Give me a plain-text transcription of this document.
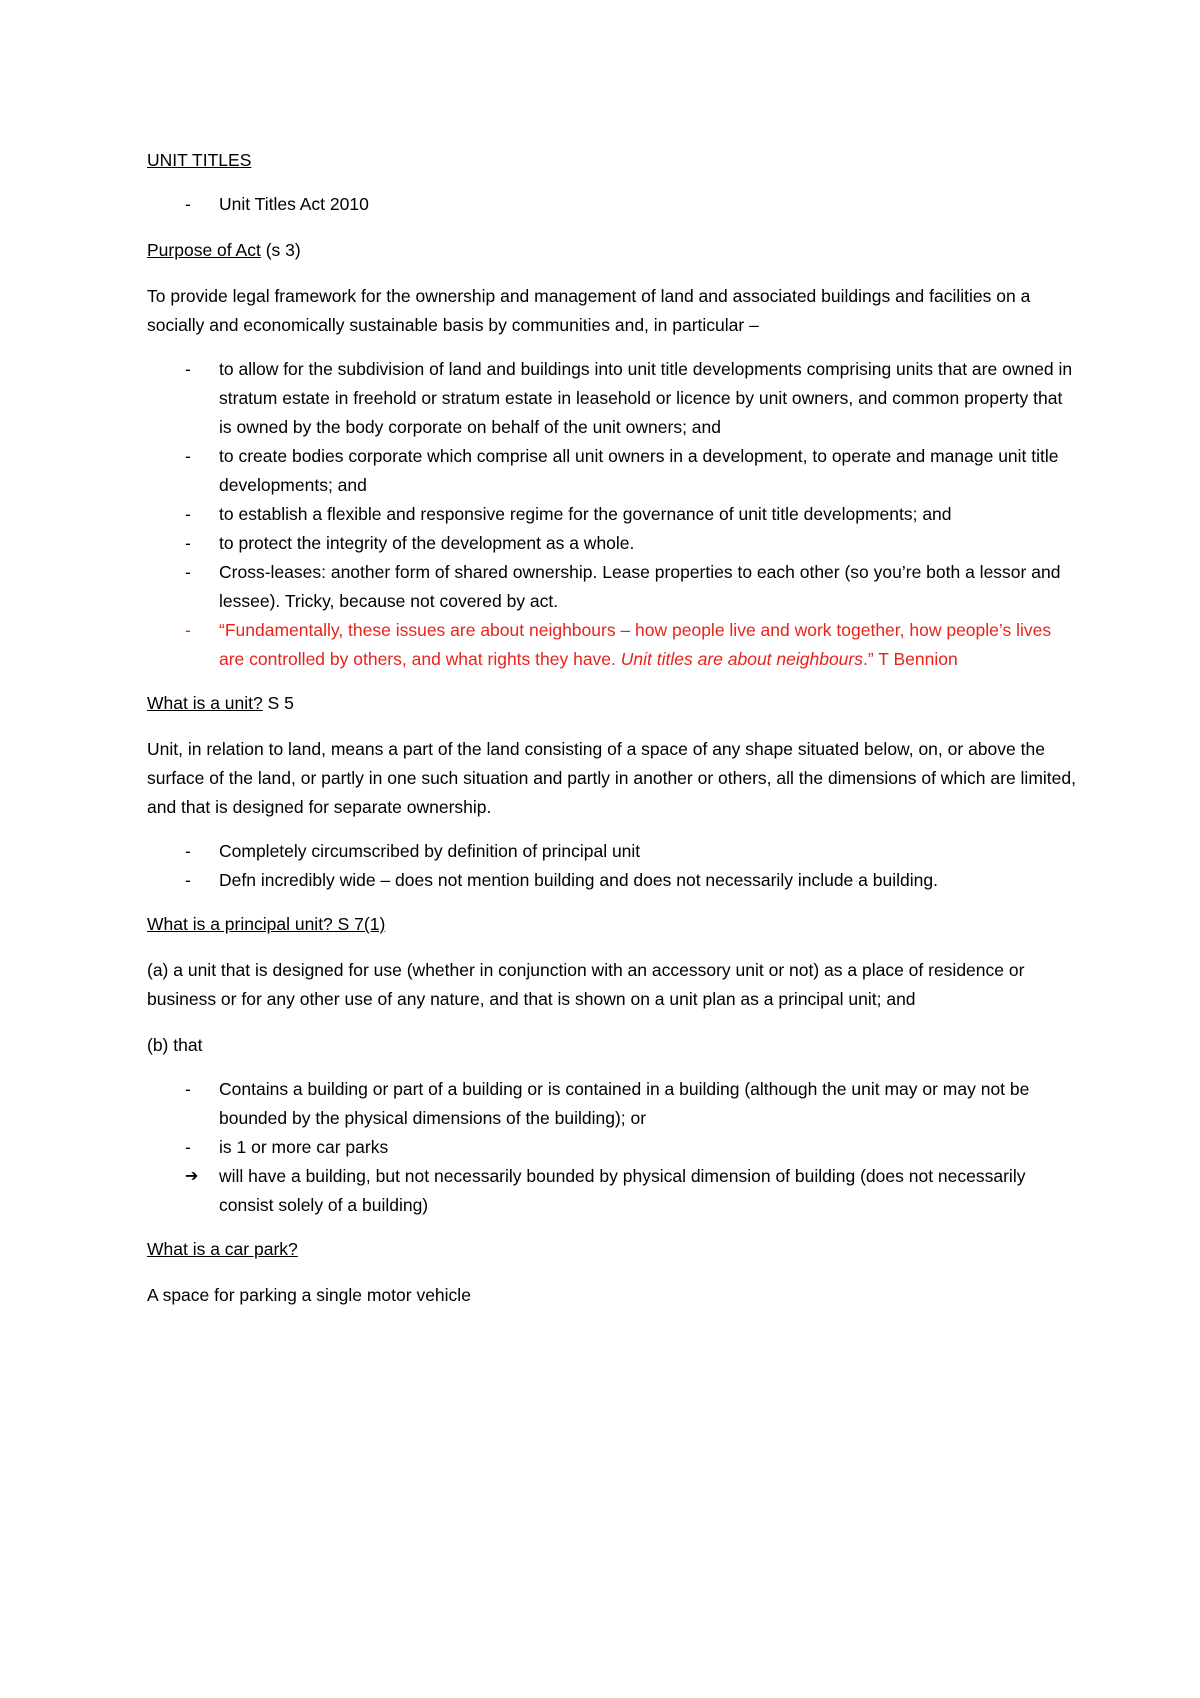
UNIT TITLES

- Unit Titles Act 2010

Purpose of Act (s 3)

To provide legal framework for the ownership and management of land and associated buildings and facilities on a socially and economically sustainable basis by communities and, in particular –

- to allow for the subdivision of land and buildings into unit title developments comprising units that are owned in stratum estate in freehold or stratum estate in leasehold or licence by unit owners, and common property that is owned by the body corporate on behalf of the unit owners; and
- to create bodies corporate which comprise all unit owners in a development, to operate and manage unit title developments; and
- to establish a flexible and responsive regime for the governance of unit title developments; and
- to protect the integrity of the development as a whole.
- Cross-leases: another form of shared ownership. Lease properties to each other (so you’re both a lessor and lessee). Tricky, because not covered by act.
- “Fundamentally, these issues are about neighbours – how people live and work together, how people’s lives are controlled by others, and what rights they have. Unit titles are about neighbours.” T Bennion

What is a unit? S 5

Unit, in relation to land, means a part of the land consisting of a space of any shape situated below, on, or above the surface of the land, or partly in one such situation and partly in another or others, all the dimensions of which are limited, and that is designed for separate ownership.

- Completely circumscribed by definition of principal unit
- Defn incredibly wide – does not mention building and does not necessarily include a building.

What is a principal unit? S 7(1)

(a) a unit that is designed for use (whether in conjunction with an accessory unit or not) as a place of residence or business or for any other use of any nature, and that is shown on a unit plan as a principal unit; and

(b) that

- Contains a building or part of a building or is contained in a building (although the unit may or may not be bounded by the physical dimensions of the building); or
- is 1 or more car parks
➔ will have a building, but not necessarily bounded by physical dimension of building (does not necessarily consist solely of a building)

What is a car park?

A space for parking a single motor vehicle
